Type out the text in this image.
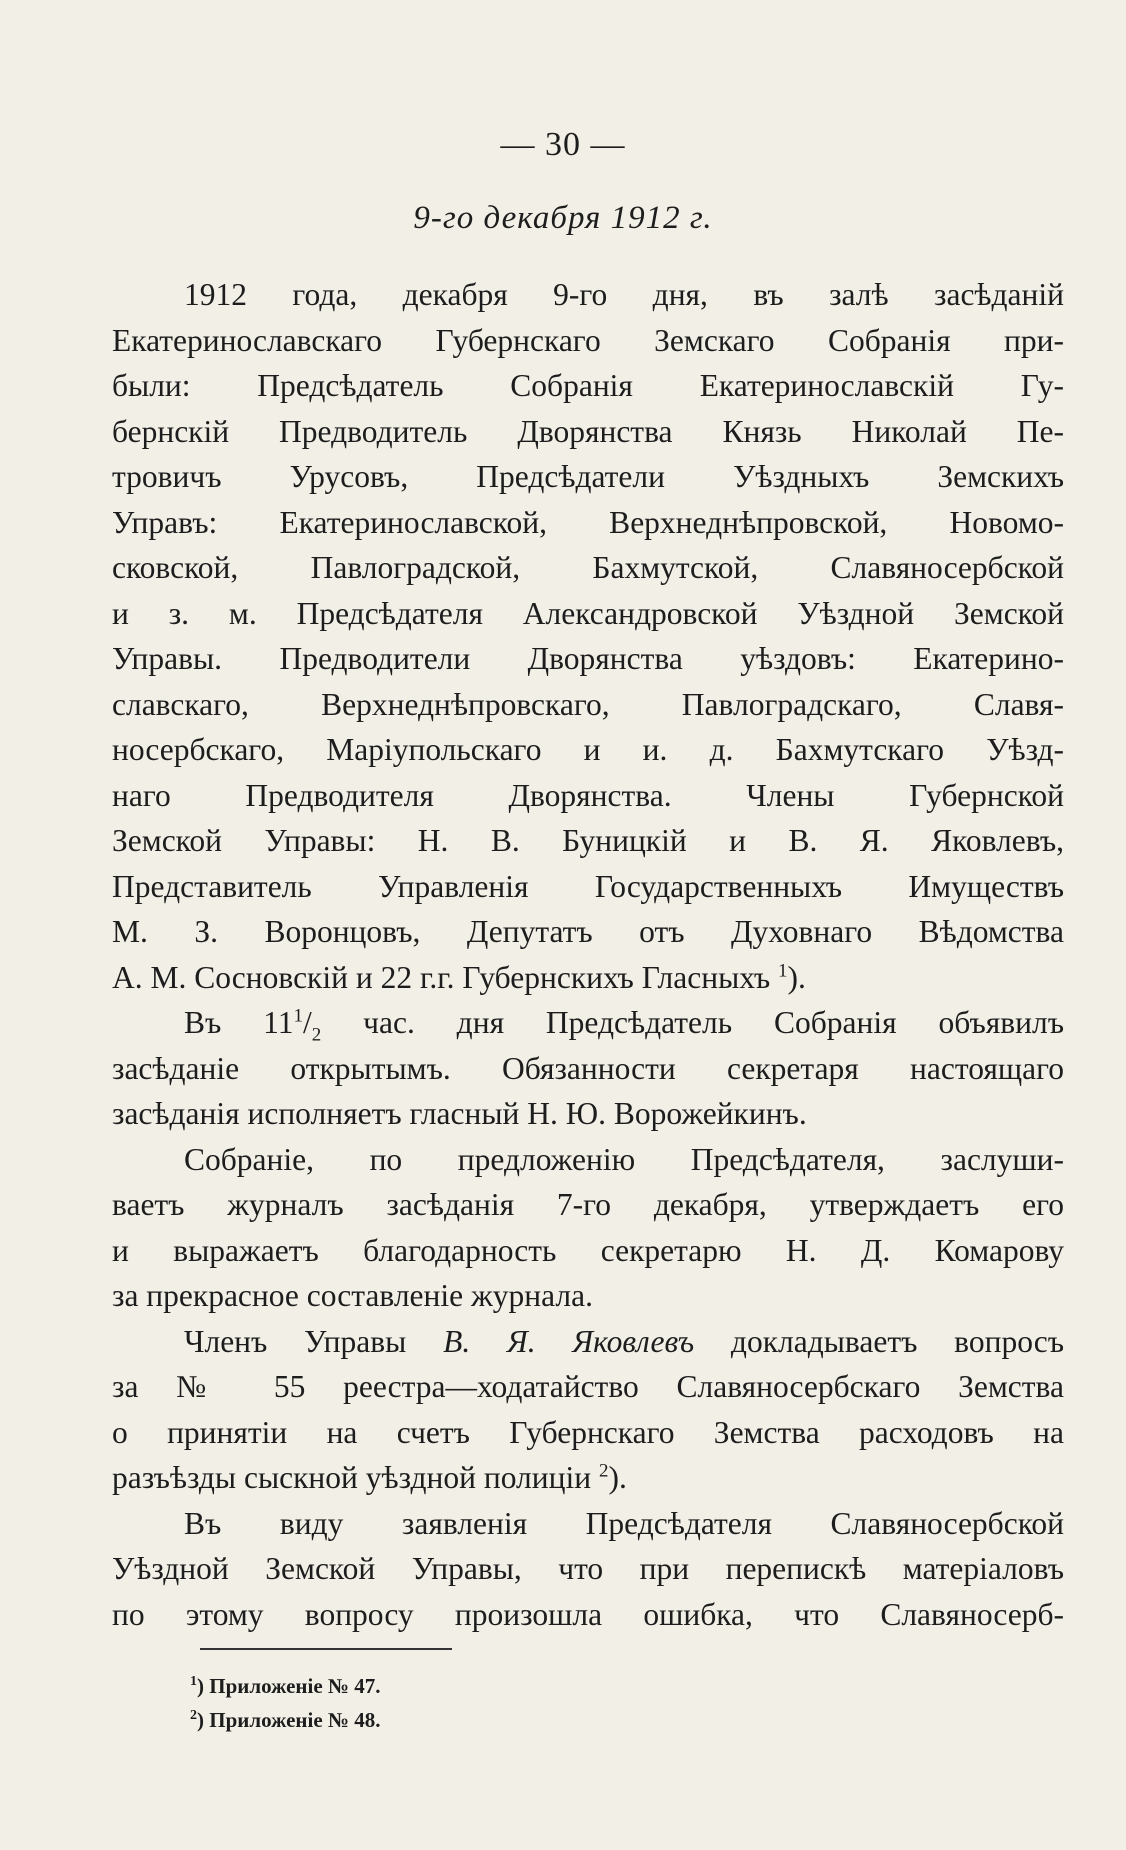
— 30 —
9-го декабря 1912 г.
1912 года, декабря 9-го дня, въ залѣ засѣданій
Екатеринославскаго Губернскаго Земскаго Собранія при-
были: Предсѣдатель Собранія Екатеринославскій Гу-
бернскій Предводитель Дворянства Князь Николай Пе-
тровичъ Урусовъ, Предсѣдатели Уѣздныхъ Земскихъ
Управъ: Екатеринославской, Верхнеднѣпровской, Новомо-
сковской, Павлоградской, Бахмутской, Славяносербской
и з. м. Предсѣдателя Александровской Уѣздной Земской
Управы. Предводители Дворянства уѣздовъ: Екатерино-
славскаго, Верхнеднѣпровскаго, Павлоградскаго, Славя-
носербскаго, Маріупольскаго и и. д. Бахмутскаго Уѣзд-
наго Предводителя Дворянства. Члены Губернской
Земской Управы: Н. В. Буницкій и В. Я. Яковлевъ,
Представитель Управленія Государственныхъ Имуществъ
М. З. Воронцовъ, Депутатъ отъ Духовнаго Вѣдомства
А. М. Сосновскій и 22 г.г. Губернскихъ Гласныхъ $^1$).
Въ $11^1/_2$ час. дня Предсѣдатель Собранія объявилъ
засѣданіе открытымъ. Обязанности секретаря настоящаго
засѣданія исполняетъ гласный Н. Ю. Ворожейкинъ.
Собраніе, по предложенію Предсѣдателя, заслуши-
ваетъ журналъ засѣданія 7-го декабря, утверждаетъ его
и выражаетъ благодарность секретарю Н. Д. Комарову
за прекрасное составленіе журнала.
Членъ Управы В. Я. Яковлевъ докладываетъ вопросъ
за № 55 реестра—ходатайство Славяносербскаго Земства
о принятіи на счетъ Губернскаго Земства расходовъ на
разъѣзды сыскной уѣздной полиціи $^2$).
Въ виду заявленія Предсѣдателя Славяносербской
Уѣздной Земской Управы, что при перепискѣ матеріаловъ
по этому вопросу произошла ошибка, что Славяносерб-
$^1$) Приложеніе № 47.
$^2$) Приложеніе № 48.
